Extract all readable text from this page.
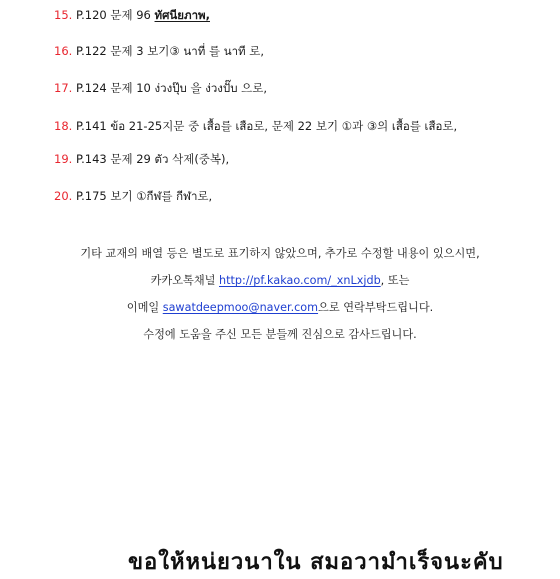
15. P.120 문제 96 ทัศนียภาพ,
16. P.122 문제 3 보기③ นาที่ 를 นาที 로,
17. P.124 문제 10 ง่วงปุ๊บ 을 ง่วงปั๊บ 으로,
18. P.141 ข้อ 21-25지문 중 เสื้อ를 เสือ로, 문제 22 보기 ①과 ③의 เสื้อ를 เสือ로,
19. P.143 문제 29 ตัว 삭제(중복),
20. P.175 보기 ①กีฬ를 กีฬา로,
기타 교재의 배열 등은 별도로 표기하지 않았으며, 추가로 수정할 내용이 있으시면,
카카오톡채널 http://pf.kakao.com/_xnLxjdb, 또는
이메일 sawatdeepmoo@naver.com으로 연락부탁드립니다.
수정에 도움을 주신 모든 분들께 진심으로 감사드립니다.
ขอให้หน่ยวนาใน สมอวามำเร็จนะคับ
